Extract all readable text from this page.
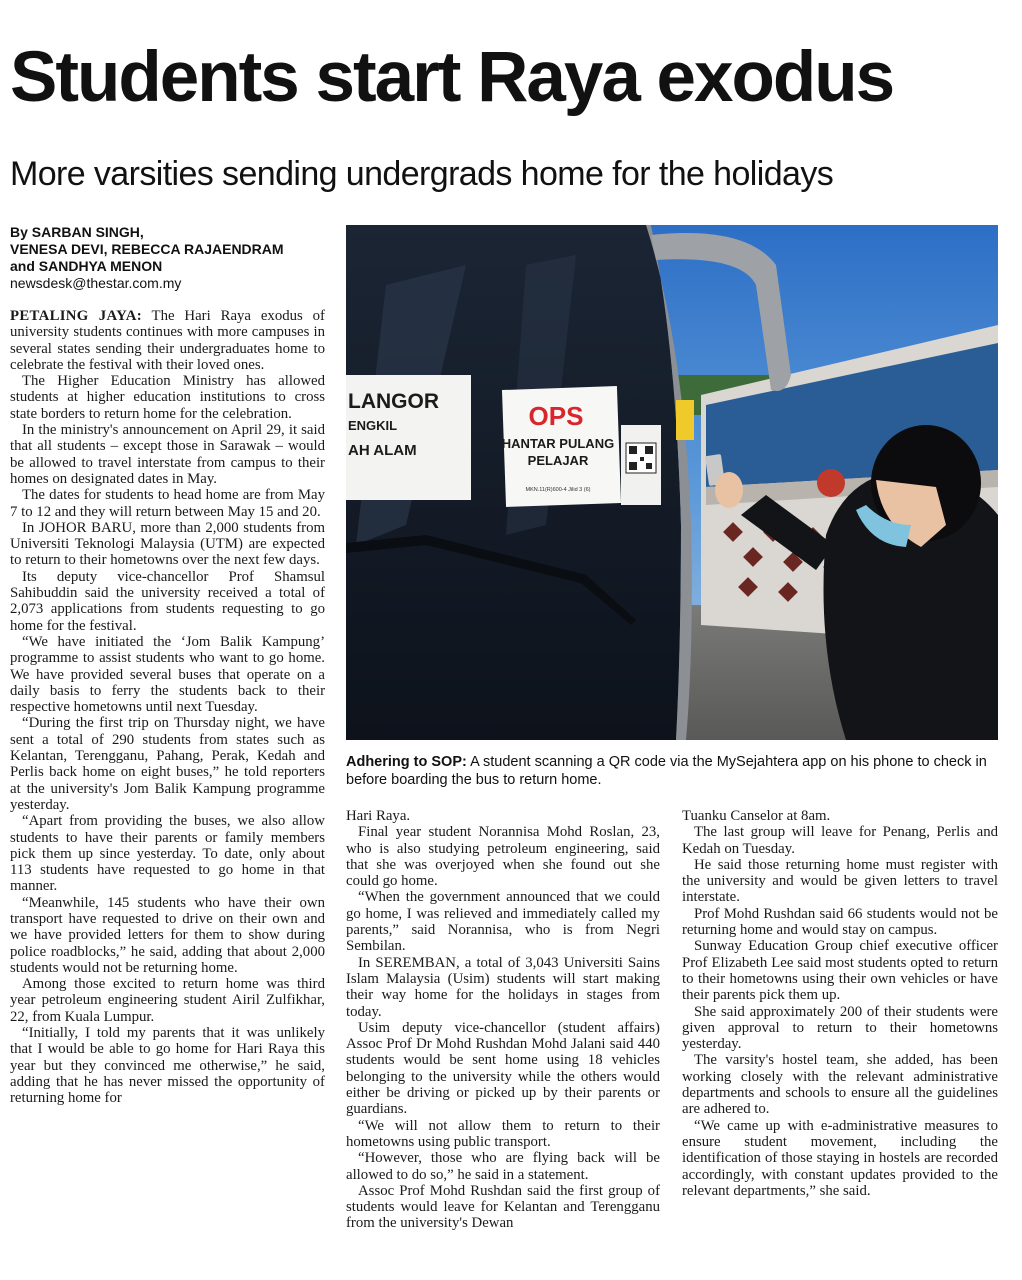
Students start Raya exodus
More varsities sending undergrads home for the holidays
By SARBAN SINGH,
VENESA DEVI, REBECCA RAJAENDRAM
and SANDHYA MENON
newsdesk@thestar.com.my

PETALING JAYA: The Hari Raya exodus of university students continues with more campuses in several states sending their undergraduates home to celebrate the festival with their loved ones.

The Higher Education Ministry has allowed students at higher education institutions to cross state borders to return home for the celebration.

In the ministry's announcement on April 29, it said that all students – except those in Sarawak – would be allowed to travel interstate from campus to their homes on designated dates in May.

The dates for students to head home are from May 7 to 12 and they will return between May 15 and 20.

In JOHOR BARU, more than 2,000 students from Universiti Teknologi Malaysia (UTM) are expected to return to their hometowns over the next few days.

Its deputy vice-chancellor Prof Shamsul Sahibuddin said the university received a total of 2,073 applications from students requesting to go home for the festival.

“We have initiated the ‘Jom Balik Kampung’ programme to assist students who want to go home. We have provided several buses that operate on a daily basis to ferry the students back to their respective hometowns until next Tuesday.

“During the first trip on Thursday night, we have sent a total of 290 students from states such as Kelantan, Terengganu, Pahang, Perak, Kedah and Perlis back home on eight buses,” he told reporters at the university's Jom Balik Kampung programme yesterday.

“Apart from providing the buses, we also allow students to have their parents or family members pick them up since yesterday. To date, only about 113 students have requested to go home in that manner.

“Meanwhile, 145 students who have their own transport have requested to drive on their own and we have provided letters for them to show during police roadblocks,” he said, adding that about 2,000 students would not be returning home.

Among those excited to return home was third year petroleum engineering student Airil Zulfikhar, 22, from Kuala Lumpur.

“Initially, I told my parents that it was unlikely that I would be able to go home for Hari Raya this year but they convinced me otherwise,” he said, adding that he has never missed the opportunity of returning home for

LANGOR
ENGKIL
AH ALAM
OPS
HANTAR PULANG
PELAJAR
MKN.11(R)600-4 Jilid 3 (6)
Adhering to SOP: A student scanning a QR code via the MySejahtera app on his phone to check in before boarding the bus to return home.

Hari Raya.

Final year student Norannisa Mohd Roslan, 23, who is also studying petroleum engineering, said that she was overjoyed when she found out she could go home.

“When the government announced that we could go home, I was relieved and immediately called my parents,” said Norannisa, who is from Negri Sembilan.

In SEREMBAN, a total of 3,043 Universiti Sains Islam Malaysia (Usim) students will start making their way home for the holidays in stages from today.

Usim deputy vice-chancellor (student affairs) Assoc Prof Dr Mohd Rushdan Mohd Jalani said 440 students would be sent home using 18 vehicles belonging to the university while the others would either be driving or picked up by their parents or guardians.

“We will not allow them to return to their hometowns using public transport.

“However, those who are flying back will be allowed to do so,” he said in a statement.

Assoc Prof Mohd Rushdan said the first group of students would leave for Kelantan and Terengganu from the university's Dewan

Tuanku Canselor at 8am.

The last group will leave for Penang, Perlis and Kedah on Tuesday.

He said those returning home must register with the university and would be given letters to travel interstate.

Prof Mohd Rushdan said 66 students would not be returning home and would stay on campus.

Sunway Education Group chief executive officer Prof Elizabeth Lee said most students opted to return to their hometowns using their own vehicles or have their parents pick them up.

She said approximately 200 of their students were given approval to return to their hometowns yesterday.

The varsity's hostel team, she added, has been working closely with the relevant administrative departments and schools to ensure all the guidelines are adhered to.

“We came up with e-administrative measures to ensure student movement, including the identification of those staying in hostels are recorded accordingly, with constant updates provided to the relevant departments,” she said.
